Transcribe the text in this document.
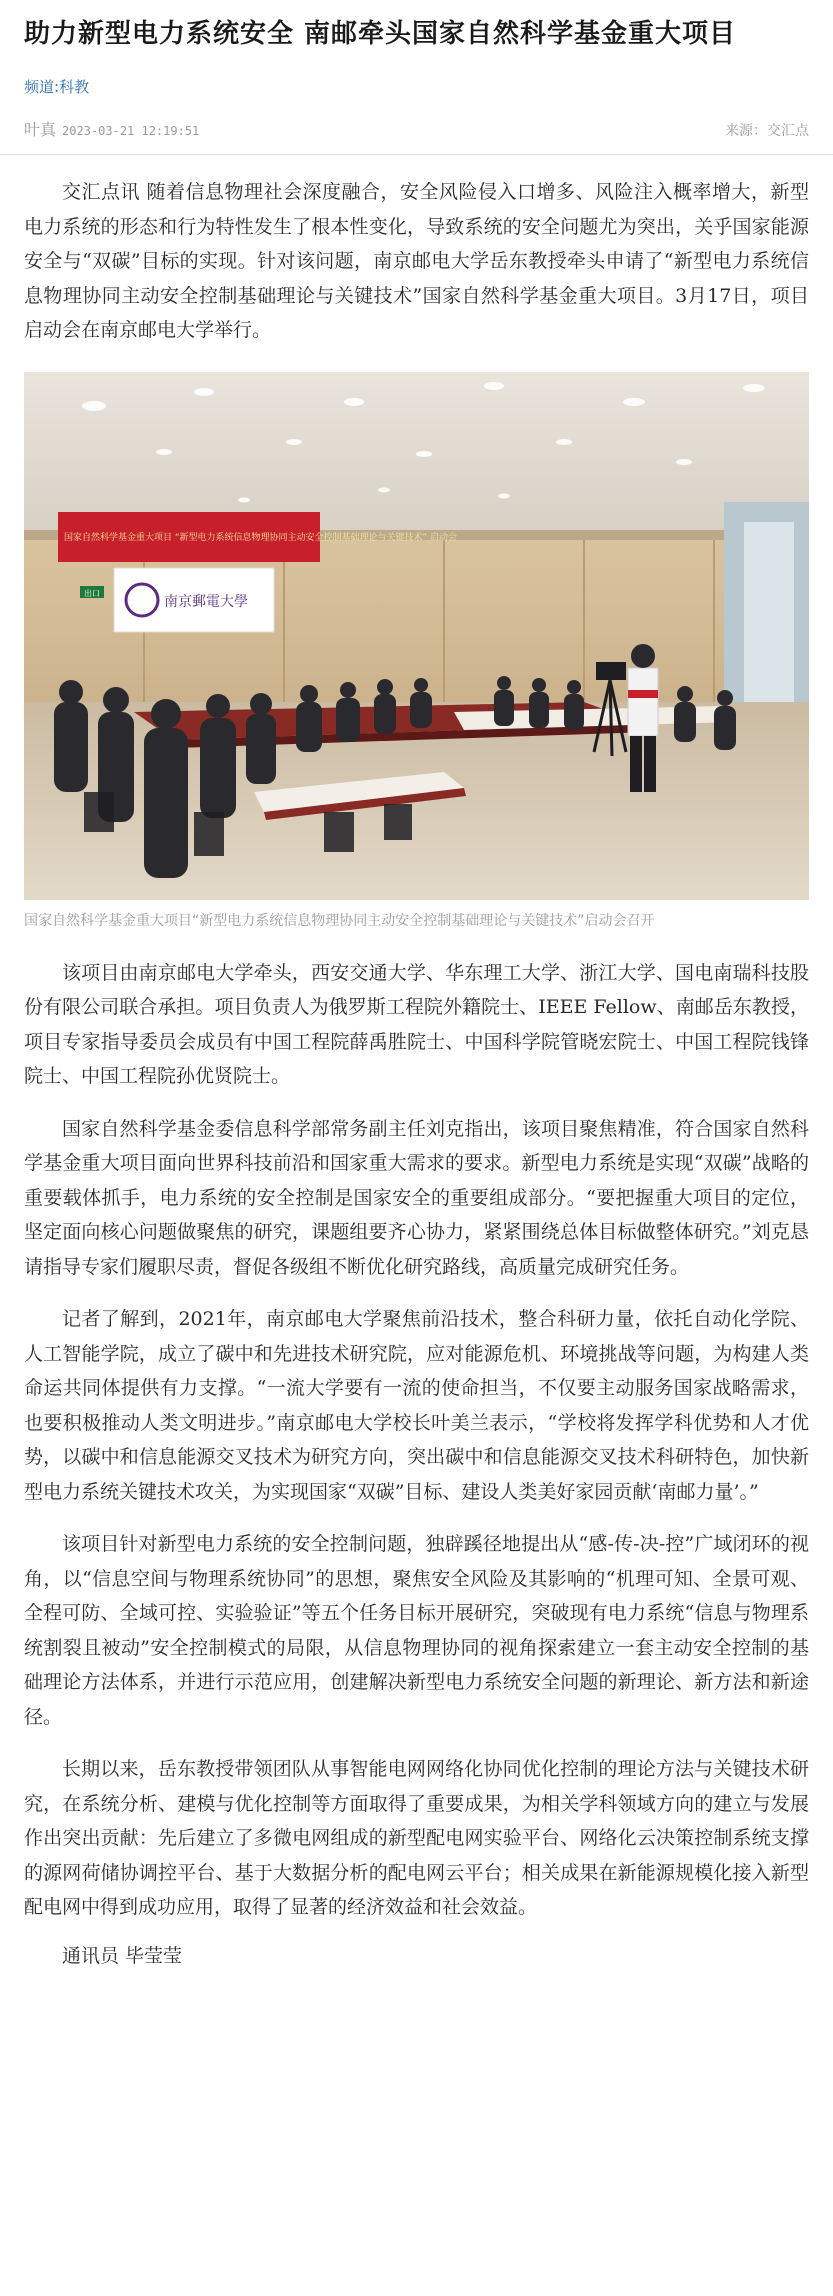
助力新型电力系统安全 南邮牵头国家自然科学基金重大项目
频道:科教
叶真 2023-03-21 12:19:51	来源：交汇点

交汇点讯 随着信息物理社会深度融合，安全风险侵入口增多、风险注入概率增大，新型电力系统的形态和行为特性发生了根本性变化，导致系统的安全问题尤为突出，关乎国家能源安全与“双碳”目标的实现。针对该问题，南京邮电大学岳东教授牵头申请了“新型电力系统信息物理协同主动安全控制基础理论与关键技术”国家自然科学基金重大项目。3月17日，项目启动会在南京邮电大学举行。

国家自然科学基金重大项目 “新型电力系统信息物理协同主动安全控制基础理论与关键技术” 启动会
出口
南京郵電大學

国家自然科学基金重大项目“新型电力系统信息物理协同主动安全控制基础理论与关键技术”启动会召开

该项目由南京邮电大学牵头，西安交通大学、华东理工大学、浙江大学、国电南瑞科技股份有限公司联合承担。项目负责人为俄罗斯工程院外籍院士、IEEE Fellow、南邮岳东教授，项目专家指导委员会成员有中国工程院薛禹胜院士、中国科学院管晓宏院士、中国工程院钱锋院士、中国工程院孙优贤院士。

国家自然科学基金委信息科学部常务副主任刘克指出，该项目聚焦精准，符合国家自然科学基金重大项目面向世界科技前沿和国家重大需求的要求。新型电力系统是实现“双碳”战略的重要载体抓手，电力系统的安全控制是国家安全的重要组成部分。“要把握重大项目的定位，坚定面向核心问题做聚焦的研究，课题组要齐心协力，紧紧围绕总体目标做整体研究。”刘克恳请指导专家们履职尽责，督促各级组不断优化研究路线，高质量完成研究任务。

记者了解到，2021年，南京邮电大学聚焦前沿技术，整合科研力量，依托自动化学院、人工智能学院，成立了碳中和先进技术研究院，应对能源危机、环境挑战等问题，为构建人类命运共同体提供有力支撑。“一流大学要有一流的使命担当，不仅要主动服务国家战略需求，也要积极推动人类文明进步。”南京邮电大学校长叶美兰表示，“学校将发挥学科优势和人才优势，以碳中和信息能源交叉技术为研究方向，突出碳中和信息能源交叉技术科研特色，加快新型电力系统关键技术攻关，为实现国家“双碳”目标、建设人类美好家园贡献‘南邮力量’。”

该项目针对新型电力系统的安全控制问题，独辟蹊径地提出从“感-传-决-控”广域闭环的视角，以“信息空间与物理系统协同”的思想，聚焦安全风险及其影响的“机理可知、全景可观、全程可防、全域可控、实验验证”等五个任务目标开展研究，突破现有电力系统“信息与物理系统割裂且被动”安全控制模式的局限，从信息物理协同的视角探索建立一套主动安全控制的基础理论方法体系，并进行示范应用，创建解决新型电力系统安全问题的新理论、新方法和新途径。

长期以来，岳东教授带领团队从事智能电网网络化协同优化控制的理论方法与关键技术研究，在系统分析、建模与优化控制等方面取得了重要成果，为相关学科领域方向的建立与发展作出突出贡献：先后建立了多微电网组成的新型配电网实验平台、网络化云决策控制系统支撑的源网荷储协调控平台、基于大数据分析的配电网云平台；相关成果在新能源规模化接入新型配电网中得到成功应用，取得了显著的经济效益和社会效益。

通讯员 毕莹莹
